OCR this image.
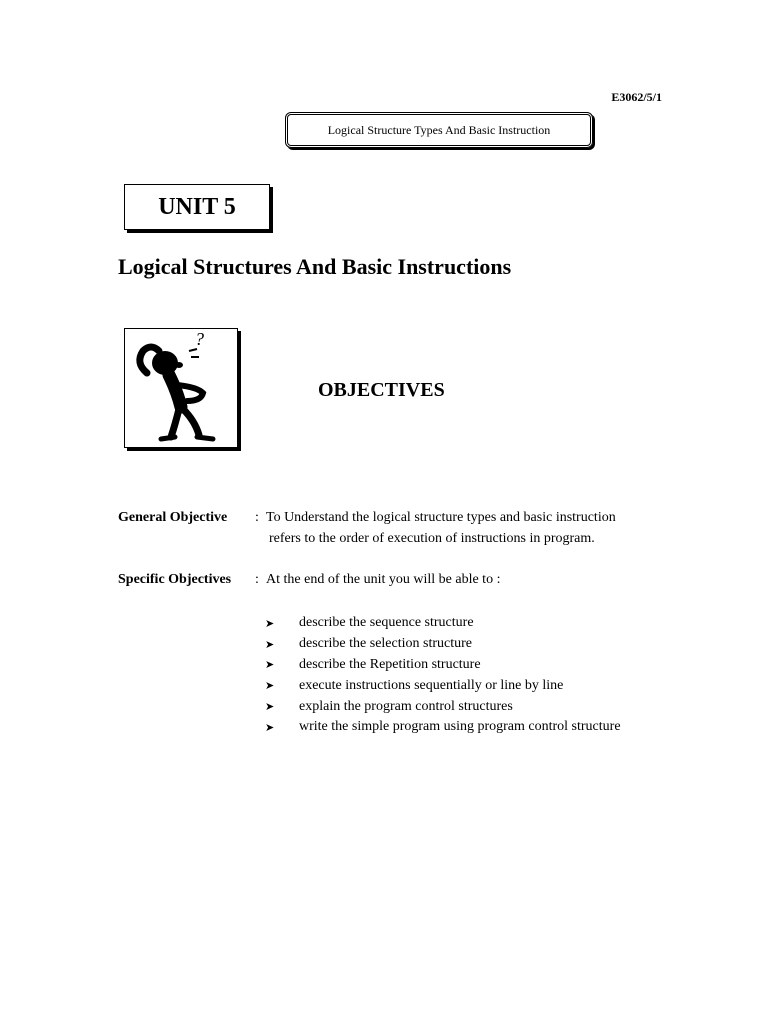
E3062/5/1
Logical Structure Types And Basic Instruction
UNIT 5
Logical Structures And Basic Instructions
?
OBJECTIVES
General Objective : To Understand the logical structure types and basic instruction
refers to the order of execution of instructions in program.
Specific Objectives : At the end of the unit you will be able to :
➤	describe the sequence structure
➤	describe the selection structure
➤	describe the Repetition structure
➤	execute instructions sequentially or line by line
➤	explain the program control structures
➤	write the simple program using program control structure
